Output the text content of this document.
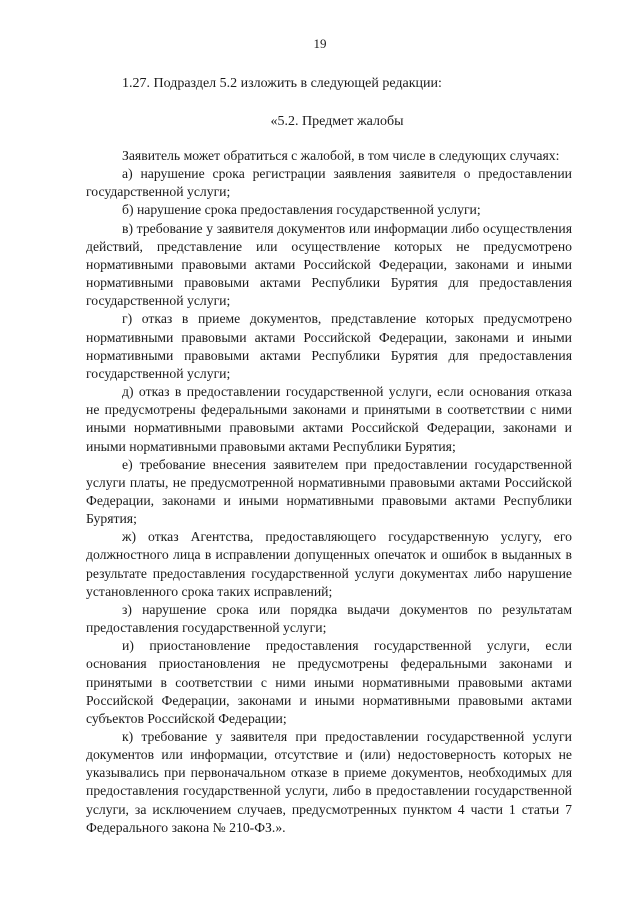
19
1.27. Подраздел 5.2 изложить в следующей редакции:
«5.2. Предмет жалобы

Заявитель может обратиться с жалобой, в том числе в следующих случаях:

а) нарушение срока регистрации заявления заявителя о предоставлении государственной услуги;

б) нарушение срока предоставления государственной услуги;

в) требование у заявителя документов или информации либо осуществления действий, представление или осуществление которых не предусмотрено нормативными правовыми актами Российской Федерации, законами и иными нормативными правовыми актами Республики Бурятия для предоставления государственной услуги;

г) отказ в приеме документов, представление которых предусмотрено нормативными правовыми актами Российской Федерации, законами и иными нормативными правовыми актами Республики Бурятия для предоставления государственной услуги;

д) отказ в предоставлении государственной услуги, если основания отказа не предусмотрены федеральными законами и принятыми в соответствии с ними иными нормативными правовыми актами Российской Федерации, законами и иными нормативными правовыми актами Республики Бурятия;

е) требование внесения заявителем при предоставлении государственной услуги платы, не предусмотренной нормативными правовыми актами Российской Федерации, законами и иными нормативными правовыми актами Республики Бурятия;

ж) отказ Агентства, предоставляющего государственную услугу, его должностного лица в исправлении допущенных опечаток и ошибок в выданных в результате предоставления государственной услуги документах либо нарушение установленного срока таких исправлений;

з) нарушение срока или порядка выдачи документов по результатам предоставления государственной услуги;

и) приостановление предоставления государственной услуги, если основания приостановления не предусмотрены федеральными законами и принятыми в соответствии с ними иными нормативными правовыми актами Российской Федерации, законами и иными нормативными правовыми актами субъектов Российской Федерации;

к) требование у заявителя при предоставлении государственной услуги документов или информации, отсутствие и (или) недостоверность которых не указывались при первоначальном отказе в приеме документов, необходимых для предоставления государственной услуги, либо в предоставлении государственной услуги, за исключением случаев, предусмотренных пунктом 4 части 1 статьи 7 Федерального закона № 210-ФЗ.».
